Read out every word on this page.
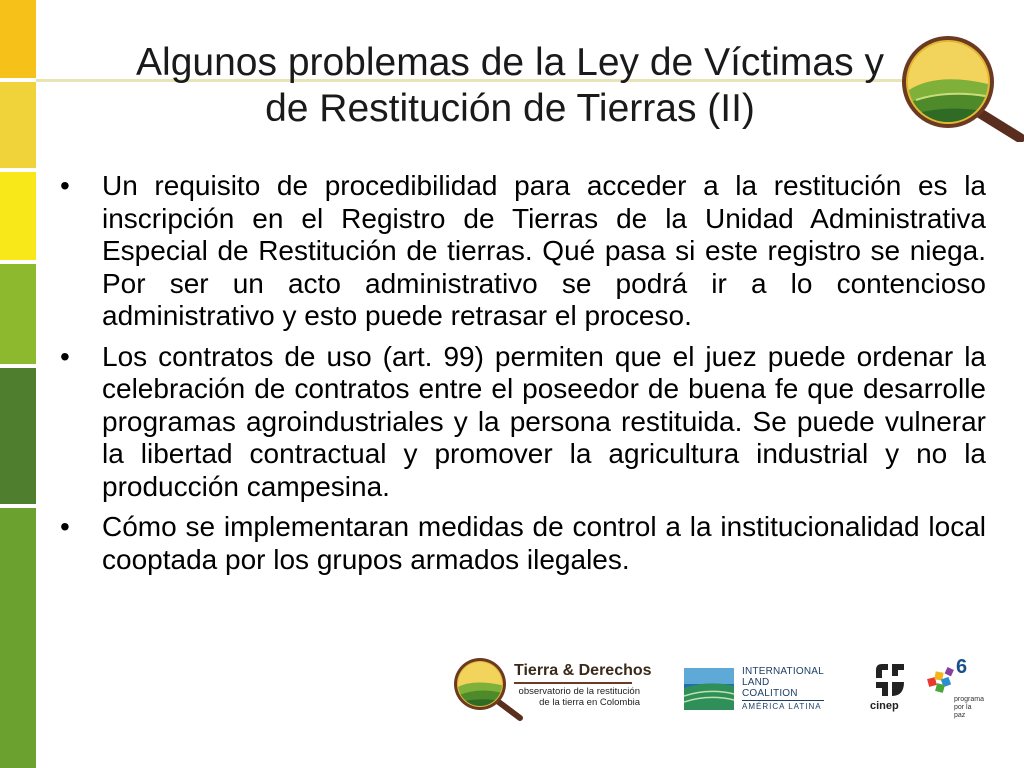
Algunos problemas de la Ley de Víctimas y
de Restitución de Tierras (II)
• Un requisito de procedibilidad para acceder a la restitución es la inscripción en el Registro de Tierras de la Unidad Administrativa Especial de Restitución de tierras. Qué pasa si este registro se niega. Por ser un acto administrativo se podrá ir a lo contencioso administrativo y esto puede retrasar el proceso.
• Los contratos de uso (art. 99) permiten que el juez puede ordenar la celebración de contratos entre el poseedor de buena fe que desarrolle programas agroindustriales y la persona restituida. Se puede vulnerar la libertad contractual y promover la agricultura industrial y no la producción campesina.
• Cómo se implementaran medidas de control a la institucionalidad local cooptada por los grupos armados ilegales.
Tierra & Derechos
observatorio de la restitución
de la tierra en Colombia
INTERNATIONAL
LAND
COALITION
AMÉRICA LATINA	cinep
6
programa
por la paz
